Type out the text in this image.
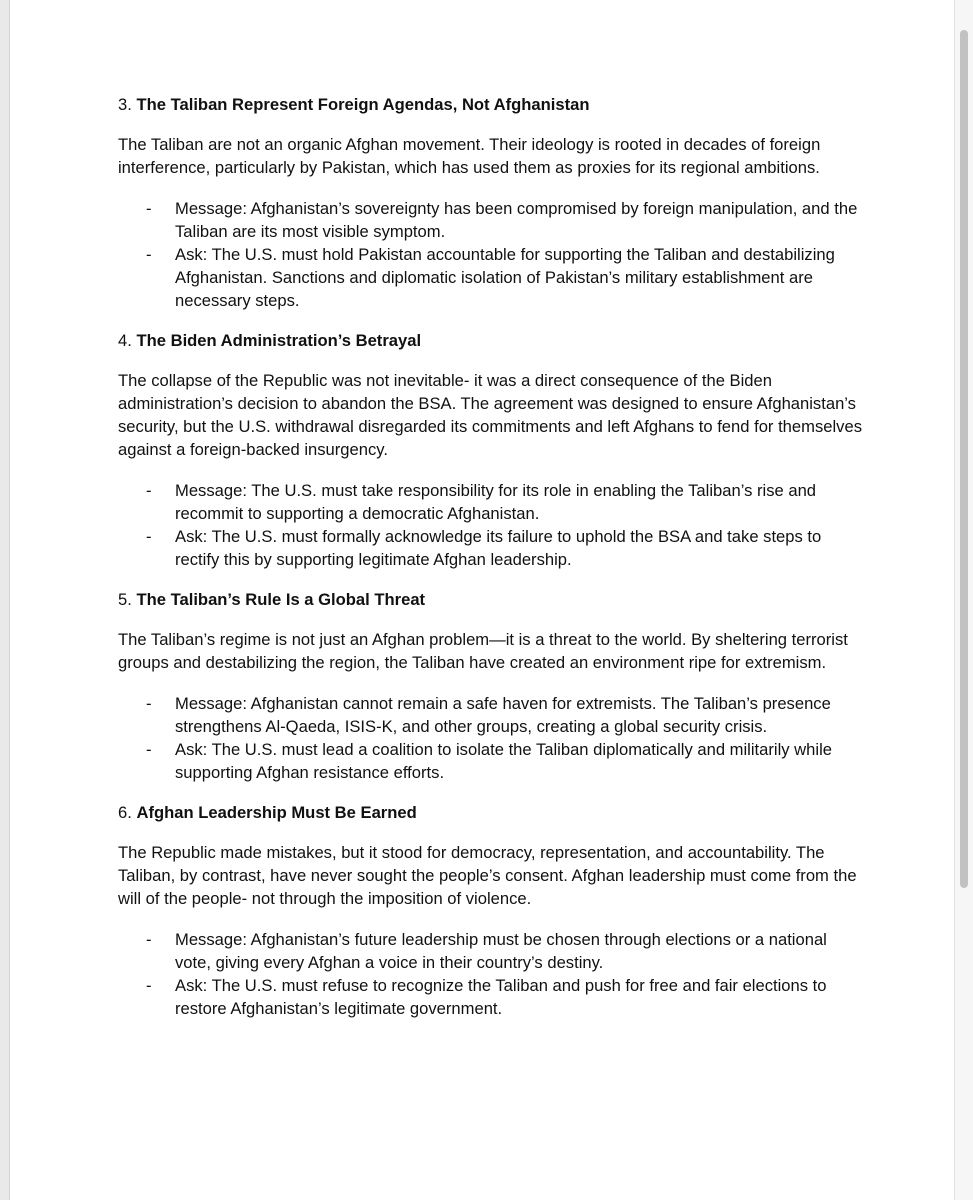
3. The Taliban Represent Foreign Agendas, Not Afghanistan

The Taliban are not an organic Afghan movement. Their ideology is rooted in decades of foreign interference, particularly by Pakistan, which has used them as proxies for its regional ambitions.

- Message: Afghanistan’s sovereignty has been compromised by foreign manipulation, and the Taliban are its most visible symptom.
- Ask: The U.S. must hold Pakistan accountable for supporting the Taliban and destabilizing Afghanistan. Sanctions and diplomatic isolation of Pakistan’s military establishment are necessary steps.
4. The Biden Administration’s Betrayal

The collapse of the Republic was not inevitable- it was a direct consequence of the Biden administration’s decision to abandon the BSA. The agreement was designed to ensure Afghanistan’s security, but the U.S. withdrawal disregarded its commitments and left Afghans to fend for themselves against a foreign-backed insurgency.

- Message: The U.S. must take responsibility for its role in enabling the Taliban’s rise and recommit to supporting a democratic Afghanistan.
- Ask: The U.S. must formally acknowledge its failure to uphold the BSA and take steps to rectify this by supporting legitimate Afghan leadership.
5. The Taliban’s Rule Is a Global Threat

The Taliban’s regime is not just an Afghan problem—it is a threat to the world. By sheltering terrorist groups and destabilizing the region, the Taliban have created an environment ripe for extremism.

- Message: Afghanistan cannot remain a safe haven for extremists. The Taliban’s presence strengthens Al-Qaeda, ISIS-K, and other groups, creating a global security crisis.
- Ask: The U.S. must lead a coalition to isolate the Taliban diplomatically and militarily while supporting Afghan resistance efforts.
6. Afghan Leadership Must Be Earned

The Republic made mistakes, but it stood for democracy, representation, and accountability. The Taliban, by contrast, have never sought the people’s consent. Afghan leadership must come from the will of the people- not through the imposition of violence.

- Message: Afghanistan’s future leadership must be chosen through elections or a national vote, giving every Afghan a voice in their country’s destiny.
- Ask: The U.S. must refuse to recognize the Taliban and push for free and fair elections to restore Afghanistan’s legitimate government.
